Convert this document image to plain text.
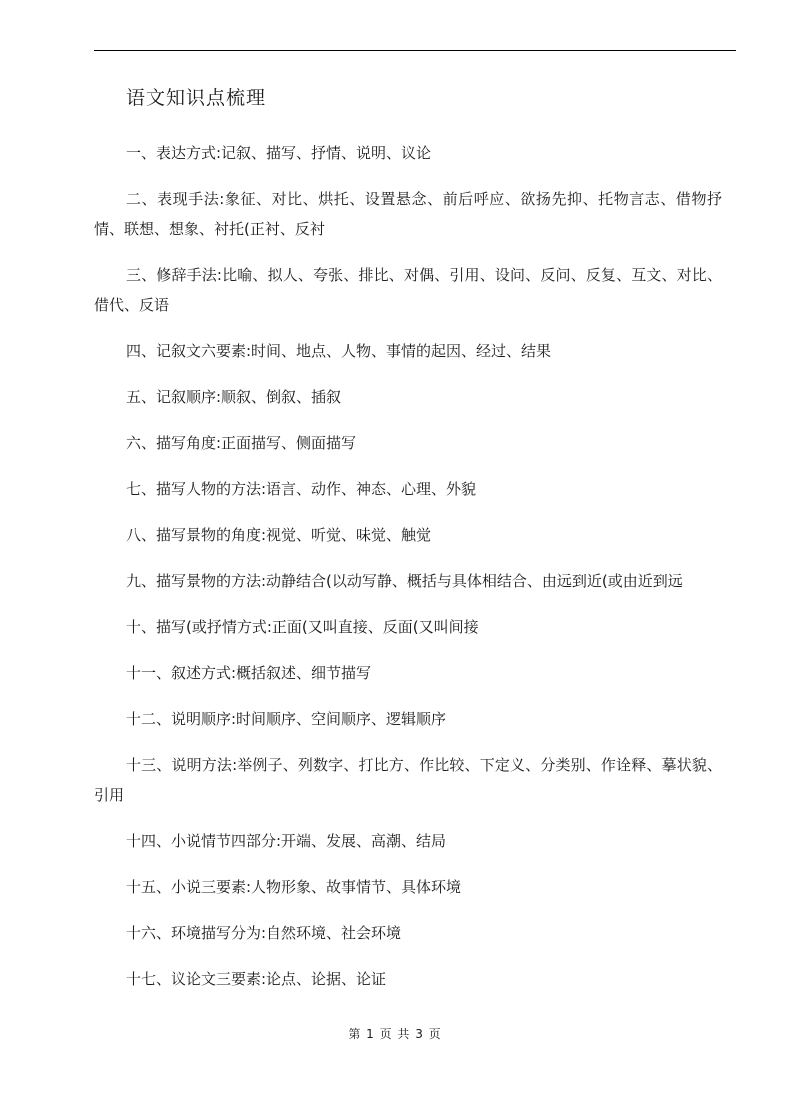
语文知识点梳理

一、表达方式:记叙、描写、抒情、说明、议论

二、表现手法:象征、对比、烘托、设置悬念、前后呼应、欲扬先抑、托物言志、借物抒情、联想、想象、衬托(正衬、反衬

三、修辞手法:比喻、拟人、夸张、排比、对偶、引用、设问、反问、反复、互文、对比、借代、反语

四、记叙文六要素:时间、地点、人物、事情的起因、经过、结果

五、记叙顺序:顺叙、倒叙、插叙

六、描写角度:正面描写、侧面描写

七、描写人物的方法:语言、动作、神态、心理、外貌

八、描写景物的角度:视觉、听觉、味觉、触觉

九、描写景物的方法:动静结合(以动写静、概括与具体相结合、由远到近(或由近到远

十、描写(或抒情方式:正面(又叫直接、反面(又叫间接

十一、叙述方式:概括叙述、细节描写

十二、说明顺序:时间顺序、空间顺序、逻辑顺序

十三、说明方法:举例子、列数字、打比方、作比较、下定义、分类别、作诠释、摹状貌、引用

十四、小说情节四部分:开端、发展、高潮、结局

十五、小说三要素:人物形象、故事情节、具体环境

十六、环境描写分为:自然环境、社会环境

十七、议论文三要素:论点、论据、论证

第 1 页 共 3 页
